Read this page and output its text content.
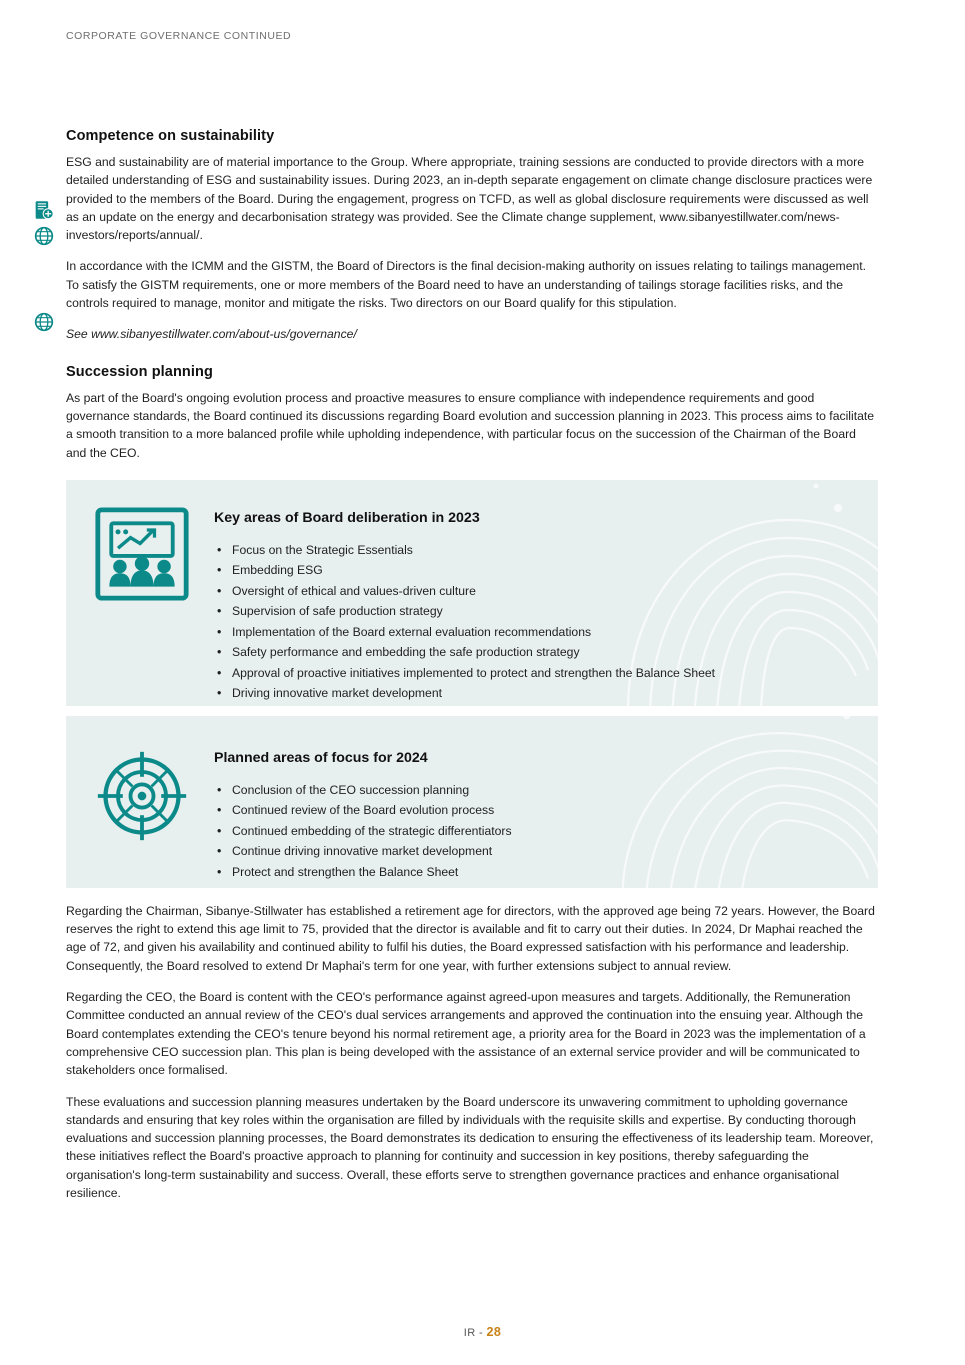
CORPORATE GOVERNANCE CONTINUED
Competence on sustainability

ESG and sustainability are of material importance to the Group. Where appropriate, training sessions are conducted to provide directors with a more detailed understanding of ESG and sustainability issues. During 2023, an in-depth separate engagement on climate change disclosure practices were provided to the members of the Board. During the engagement, progress on TCFD, as well as global disclosure requirements were discussed as well as an update on the energy and decarbonisation strategy was provided. See the Climate change supplement, www.sibanyestillwater.com/news-investors/reports/annual/.

In accordance with the ICMM and the GISTM, the Board of Directors is the final decision-making authority on issues relating to tailings management. To satisfy the GISTM requirements, one or more members of the Board need to have an understanding of tailings storage facilities risks, and the controls required to manage, monitor and mitigate the risks. Two directors on our Board qualify for this stipulation.

See www.sibanyestillwater.com/about-us/governance/

Succession planning

As part of the Board's ongoing evolution process and proactive measures to ensure compliance with independence requirements and good governance standards, the Board continued its discussions regarding Board evolution and succession planning in 2023. This process aims to facilitate a smooth transition to a more balanced profile while upholding independence, with particular focus on the succession of the Chairman of the Board and the CEO.

Key areas of Board deliberation in 2023
• Focus on the Strategic Essentials
• Embedding ESG
• Oversight of ethical and values-driven culture
• Supervision of safe production strategy
• Implementation of the Board external evaluation recommendations
• Safety performance and embedding the safe production strategy
• Approval of proactive initiatives implemented to protect and strengthen the Balance Sheet
• Driving innovative market development
Planned areas of focus for 2024
• Conclusion of the CEO succession planning
• Continued review of the Board evolution process
• Continued embedding of the strategic differentiators
• Continue driving innovative market development
• Protect and strengthen the Balance Sheet

Regarding the Chairman, Sibanye-Stillwater has established a retirement age for directors, with the approved age being 72 years. However, the Board reserves the right to extend this age limit to 75, provided that the director is available and fit to carry out their duties. In 2024, Dr Maphai reached the age of 72, and given his availability and continued ability to fulfil his duties, the Board expressed satisfaction with his performance and leadership. Consequently, the Board resolved to extend Dr Maphai's term for one year, with further extensions subject to annual review.

Regarding the CEO, the Board is content with the CEO's performance against agreed-upon measures and targets. Additionally, the Remuneration Committee conducted an annual review of the CEO's dual services arrangements and approved the continuation into the ensuing year. Although the Board contemplates extending the CEO's tenure beyond his normal retirement age, a priority area for the Board in 2023 was the implementation of a comprehensive CEO succession plan. This plan is being developed with the assistance of an external service provider and will be communicated to stakeholders once formalised.

These evaluations and succession planning measures undertaken by the Board underscore its unwavering commitment to upholding governance standards and ensuring that key roles within the organisation are filled by individuals with the requisite skills and expertise. By conducting thorough evaluations and succession planning processes, the Board demonstrates its dedication to ensuring the effectiveness of its leadership team. Moreover, these initiatives reflect the Board's proactive approach to planning for continuity and succession in key positions, thereby safeguarding the organisation's long-term sustainability and success. Overall, these efforts serve to strengthen governance practices and enhance organisational resilience.

IR - 28
